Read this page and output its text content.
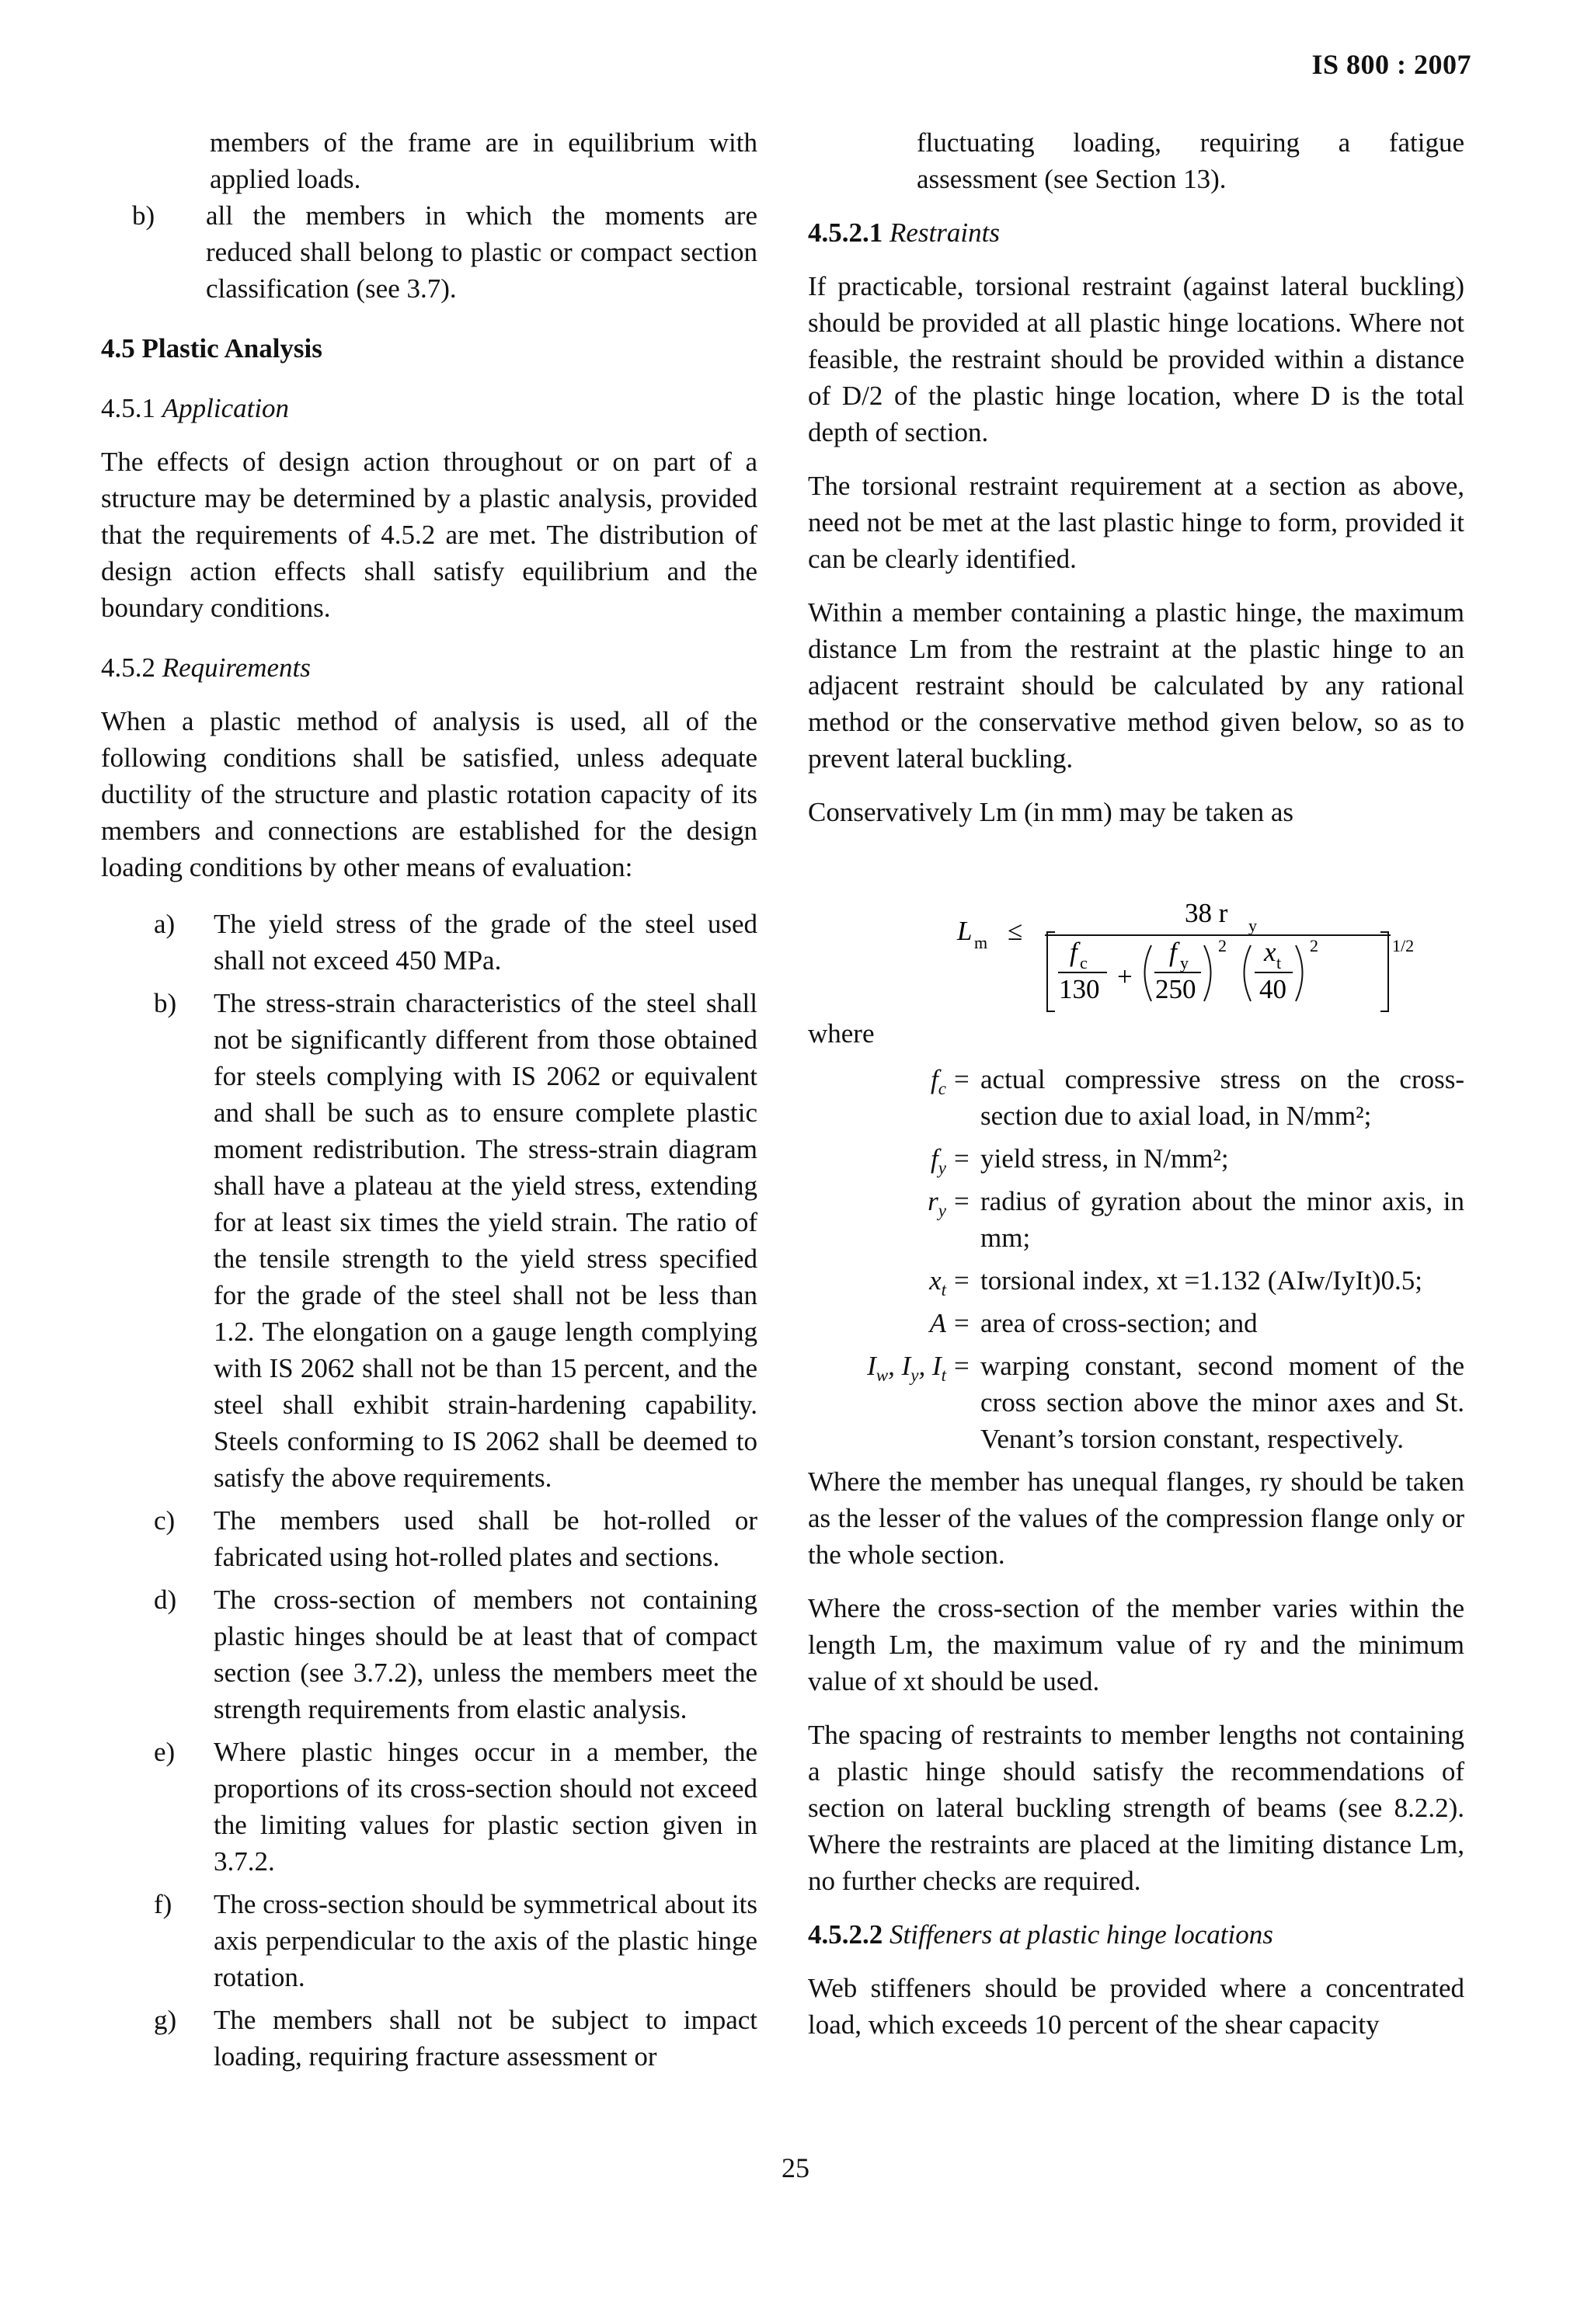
IS 800 : 2007

members of the frame are in equilibrium with applied loads.

b) all the members in which the moments are reduced shall belong to plastic or compact section classification (see 3.7).

4.5 Plastic Analysis

4.5.1 Application

The effects of design action throughout or on part of a structure may be determined by a plastic analysis, provided that the requirements of 4.5.2 are met. The distribution of design action effects shall satisfy equilibrium and the boundary conditions.

4.5.2 Requirements

When a plastic method of analysis is used, all of the following conditions shall be satisfied, unless adequate ductility of the structure and plastic rotation capacity of its members and connections are established for the design loading conditions by other means of evaluation:

a) The yield stress of the grade of the steel used shall not exceed 450 MPa.

b) The stress-strain characteristics of the steel shall not be significantly different from those obtained for steels complying with IS 2062 or equivalent and shall be such as to ensure complete plastic moment redistribution. The stress-strain diagram shall have a plateau at the yield stress, extending for at least six times the yield strain. The ratio of the tensile strength to the yield stress specified for the grade of the steel shall not be less than 1.2. The elongation on a gauge length complying with IS 2062 shall not be than 15 percent, and the steel shall exhibit strain-hardening capability. Steels conforming to IS 2062 shall be deemed to satisfy the above requirements.

c) The members used shall be hot-rolled or fabricated using hot-rolled plates and sections.

d) The cross-section of members not containing plastic hinges should be at least that of compact section (see 3.7.2), unless the members meet the strength requirements from elastic analysis.

e) Where plastic hinges occur in a member, the proportions of its cross-section should not exceed the limiting values for plastic section given in 3.7.2.

f) The cross-section should be symmetrical about its axis perpendicular to the axis of the plastic hinge rotation.

g) The members shall not be subject to impact loading, requiring fracture assessment or

fluctuating loading, requiring a fatigue assessment (see Section 13).

4.5.2.1 Restraints

If practicable, torsional restraint (against lateral buckling) should be provided at all plastic hinge locations. Where not feasible, the restraint should be provided within a distance of D/2 of the plastic hinge location, where D is the total depth of section.

The torsional restraint requirement at a section as above, need not be met at the last plastic hinge to form, provided it can be clearly identified.

Within a member containing a plastic hinge, the maximum distance Lm from the restraint at the plastic hinge to an adjacent restraint should be calculated by any rational method or the conservative method given below, so as to prevent lateral buckling.

Conservatively Lm (in mm) may be taken as

L m ≤
38 r y
f c
130 +
f y
250
2 x t
40
2	1/2

where

$f_c$ = actual compressive stress on the cross-section due to axial load, in N/mm²;
$f_y$ = yield stress, in N/mm²;
$r_y$ = radius of gyration about the minor axis, in mm;
$x_t$ = torsional index, xt =1.132 (AIw/IyIt)0.5;
A = area of cross-section; and
$I_w$, $I_y$, $I_t$ = warping constant, second moment of the cross section above the minor axes and St. Venant’s torsion constant, respectively.

Where the member has unequal flanges, ry should be taken as the lesser of the values of the compression flange only or the whole section.

Where the cross-section of the member varies within the length Lm, the maximum value of ry and the minimum value of xt should be used.

The spacing of restraints to member lengths not containing a plastic hinge should satisfy the recommendations of section on lateral buckling strength of beams (see 8.2.2). Where the restraints are placed at the limiting distance Lm, no further checks are required.

4.5.2.2 Stiffeners at plastic hinge locations

Web stiffeners should be provided where a concentrated load, which exceeds 10 percent of the shear capacity

25
